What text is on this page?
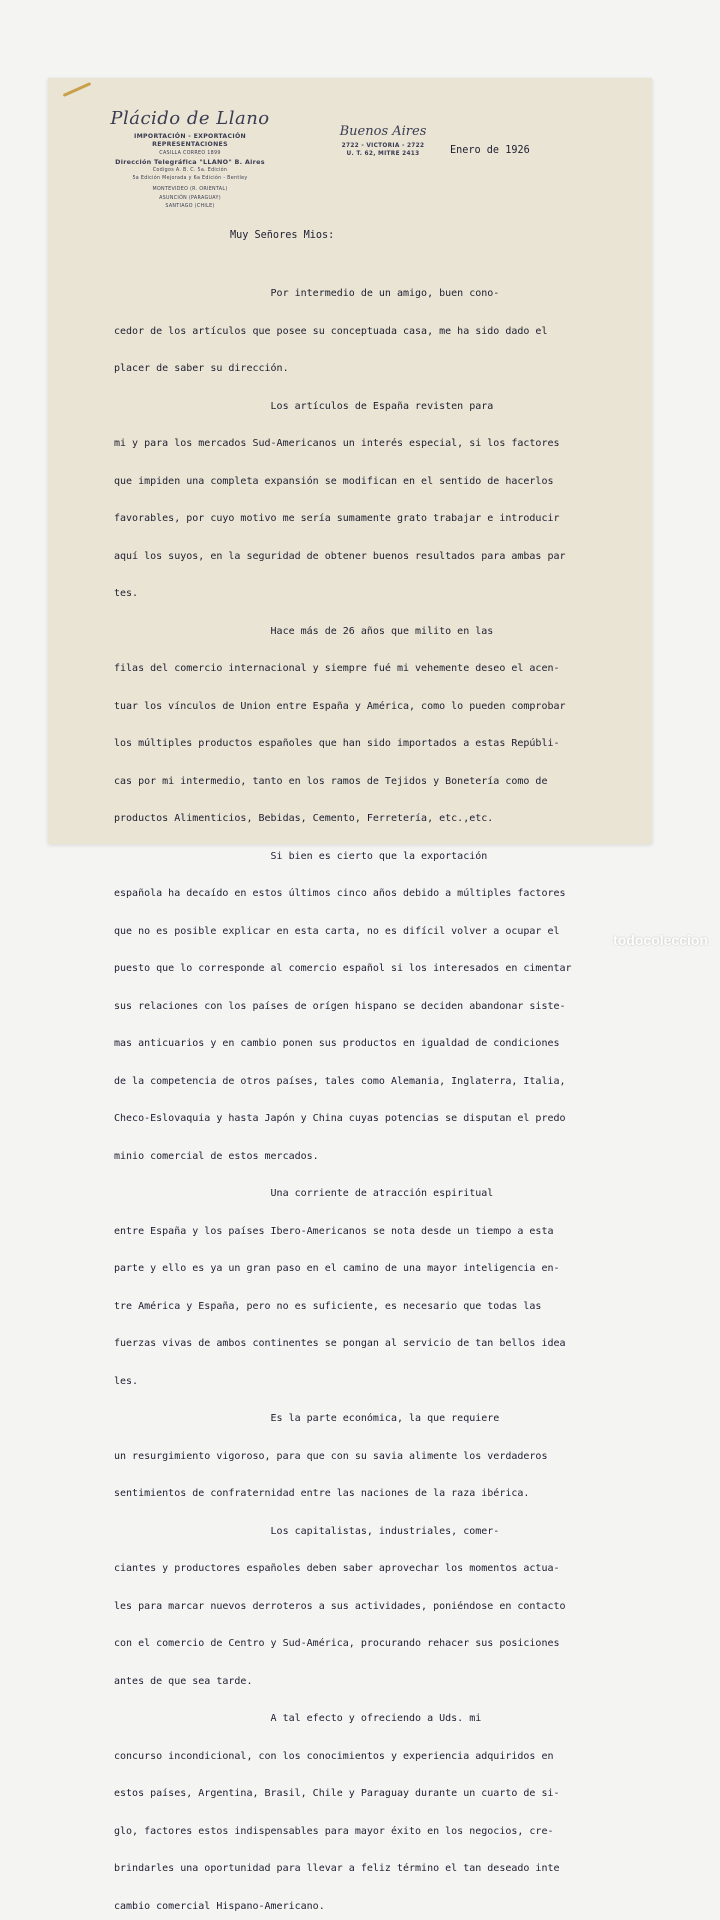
Plácido de Llano
IMPORTACIÓN - EXPORTACIÓN
REPRESENTACIONES
CASILLA CORREO 1899
Dirección Telegráfica "LLANO" B. Aires
Codigos A. B. C. 5a. Edición
5a Edición Mejorada y 6a Edición - Bentley
MONTEVIDEO (R. ORIENTAL)
ASUNCIÓN (PARAGUAY)
SANTIAGO (CHILE)
Buenos Aires
2722 - VICTORIA - 2722
U. T. 62, MITRE 2413	Enero de 1926
Muy Señores Mios:

Por intermedio de un amigo, buen cono-

cedor de los artículos que posee su conceptuada casa, me ha sido dado el

placer de saber su dirección.

Los artículos de España revisten para

mi y para los mercados Sud-Americanos un interés especial, si los factores

que impiden una completa expansión se modifican en el sentido de hacerlos

favorables, por cuyo motivo me sería sumamente grato trabajar e introducir

aquí los suyos, en la seguridad de obtener buenos resultados para ambas par

tes.

Hace más de 26 años que milito en las

filas del comercio internacional y siempre fué mi vehemente deseo el acen-

tuar los vínculos de Union entre España y América, como lo pueden comprobar

los múltiples productos españoles que han sido importados a estas Repúbli-

cas por mi intermedio, tanto en los ramos de Tejidos y Bonetería como de

productos Alimenticios, Bebidas, Cemento, Ferretería, etc.,etc.

Si bien es cierto que la exportación

española ha decaído en estos últimos cinco años debido a múltiples factores

que no es posible explicar en esta carta, no es difícil volver a ocupar el

puesto que lo corresponde al comercio español si los interesados en cimentar

sus relaciones con los países de orígen hispano se deciden abandonar siste-

mas anticuarios y en cambio ponen sus productos en igualdad de condiciones

de la competencia de otros países, tales como Alemania, Inglaterra, Italia,

Checo-Eslovaquia y hasta Japón y China cuyas potencias se disputan el predo

minio comercial de estos mercados.

Una corriente de atracción espiritual

entre España y los países Ibero-Americanos se nota desde un tiempo a esta

parte y ello es ya un gran paso en el camino de una mayor inteligencia en-

tre América y España, pero no es suficiente, es necesario que todas las

fuerzas vivas de ambos continentes se pongan al servicio de tan bellos idea

les.

Es la parte económica, la que requiere

un resurgimiento vigoroso, para que con su savia alimente los verdaderos

sentimientos de confraternidad entre las naciones de la raza ibérica.

Los capitalistas, industriales, comer-

ciantes y productores españoles deben saber aprovechar los momentos actua-

les para marcar nuevos derroteros a sus actividades, poniéndose en contacto

con el comercio de Centro y Sud-América, procurando rehacer sus posiciones

antes de que sea tarde.

A tal efecto y ofreciendo a Uds. mi

concurso incondicional, con los conocimientos y experiencia adquiridos en

estos países, Argentina, Brasil, Chile y Paraguay durante un cuarto de si-

glo, factores estos indispensables para mayor éxito en los negocios, cre-

brindarles una oportunidad para llevar a feliz término el tan deseado inte

cambio comercial Hispano-Americano.

todocoleccion
